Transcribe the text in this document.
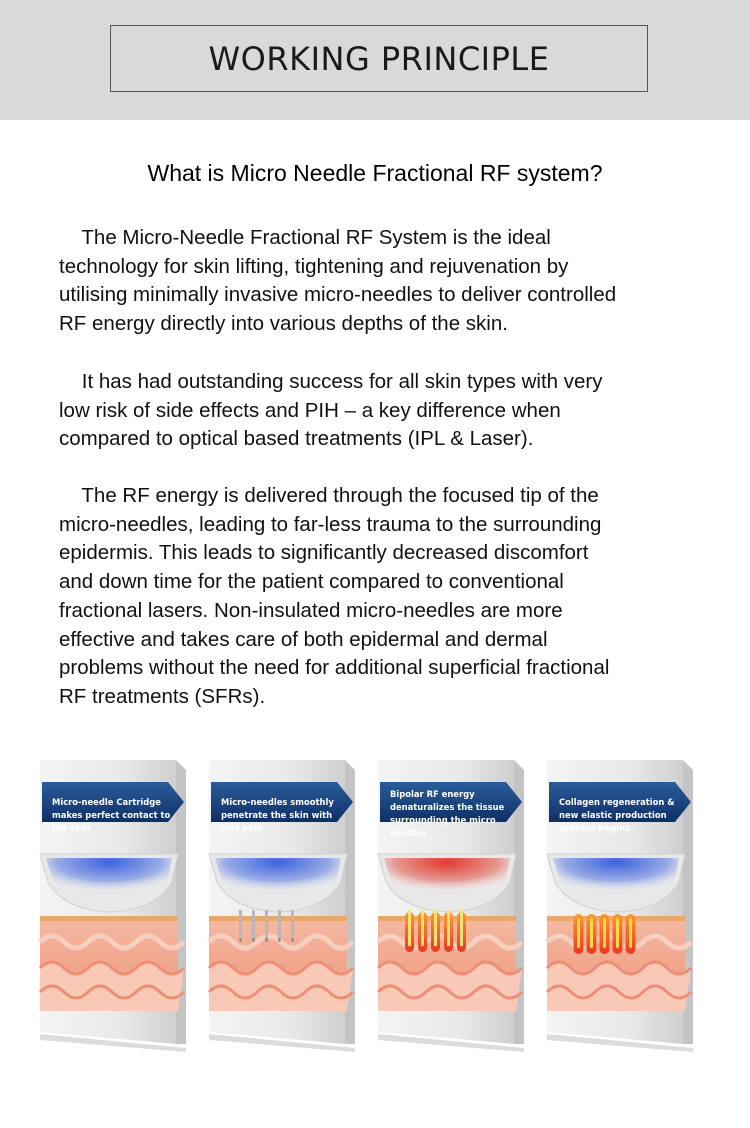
WORKING PRINCIPLE
What is Micro Needle Fractional RF system?

The Micro-Needle Fractional RF System is the ideal
technology for skin lifting, tightening and rejuvenation by
utilising minimally invasive micro-needles to deliver controlled
RF energy directly into various depths of the skin.

It has had outstanding success for all skin types with very
low risk of side effects and PIH – a key difference when
compared to optical based treatments (IPL & Laser).

The RF energy is delivered through the focused tip of the
micro-needles, leading to far-less trauma to the surrounding
epidermis. This leads to significantly decreased discomfort
and down time for the patient compared to conventional
fractional lasers. Non-insulated micro-needles are more
effective and takes care of both epidermal and dermal
problems without the need for additional superficial fractional
RF treatments (SFRs).

Micro-needle Cartridge
makes perfect contact to
the skin
Micro-needles smoothly
penetrate the skin with
less pain
Bipolar RF energy
denaturalizes the tissue
surrounding the micro
needles
Collagen regeneration &
new elastic production
process begins.
